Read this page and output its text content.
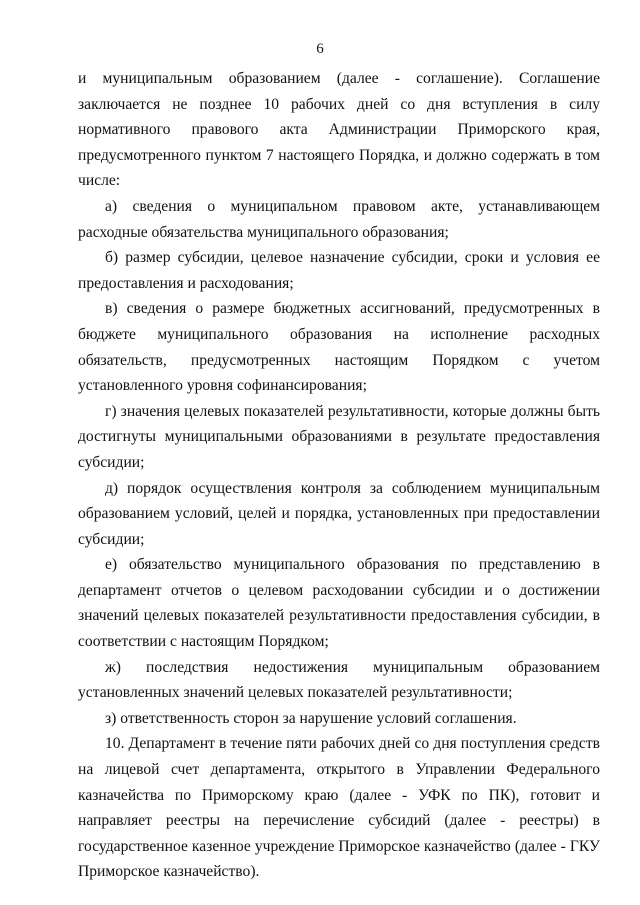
6

и муниципальным образованием (далее - соглашение). Соглашение заключается не позднее 10 рабочих дней со дня вступления в силу нормативного правового акта Администрации Приморского края, предусмотренного пунктом 7 настоящего Порядка, и должно содержать в том числе:

а) сведения о муниципальном правовом акте, устанавливающем расходные обязательства муниципального образования;

б) размер субсидии, целевое назначение субсидии, сроки и условия ее предоставления и расходования;

в) сведения о размере бюджетных ассигнований, предусмотренных в бюджете муниципального образования на исполнение расходных обязательств, предусмотренных настоящим Порядком с учетом установленного уровня софинансирования;

г) значения целевых показателей результативности, которые должны быть достигнуты муниципальными образованиями в результате предоставления субсидии;

д) порядок осуществления контроля за соблюдением муниципальным образованием условий, целей и порядка, установленных при предоставлении субсидии;

е) обязательство муниципального образования по представлению в департамент отчетов о целевом расходовании субсидии и о достижении значений целевых показателей результативности предоставления субсидии, в соответствии с настоящим Порядком;

ж) последствия недостижения муниципальным образованием установленных значений целевых показателей результативности;

з) ответственность сторон за нарушение условий соглашения.

10. Департамент в течение пяти рабочих дней со дня поступления средств на лицевой счет департамента, открытого в Управлении Федерального казначейства по Приморскому краю (далее - УФК по ПК), готовит и направляет реестры на перечисление субсидий (далее - реестры) в государственное казенное учреждение Приморское казначейство (далее - ГКУ Приморское казначейство).
